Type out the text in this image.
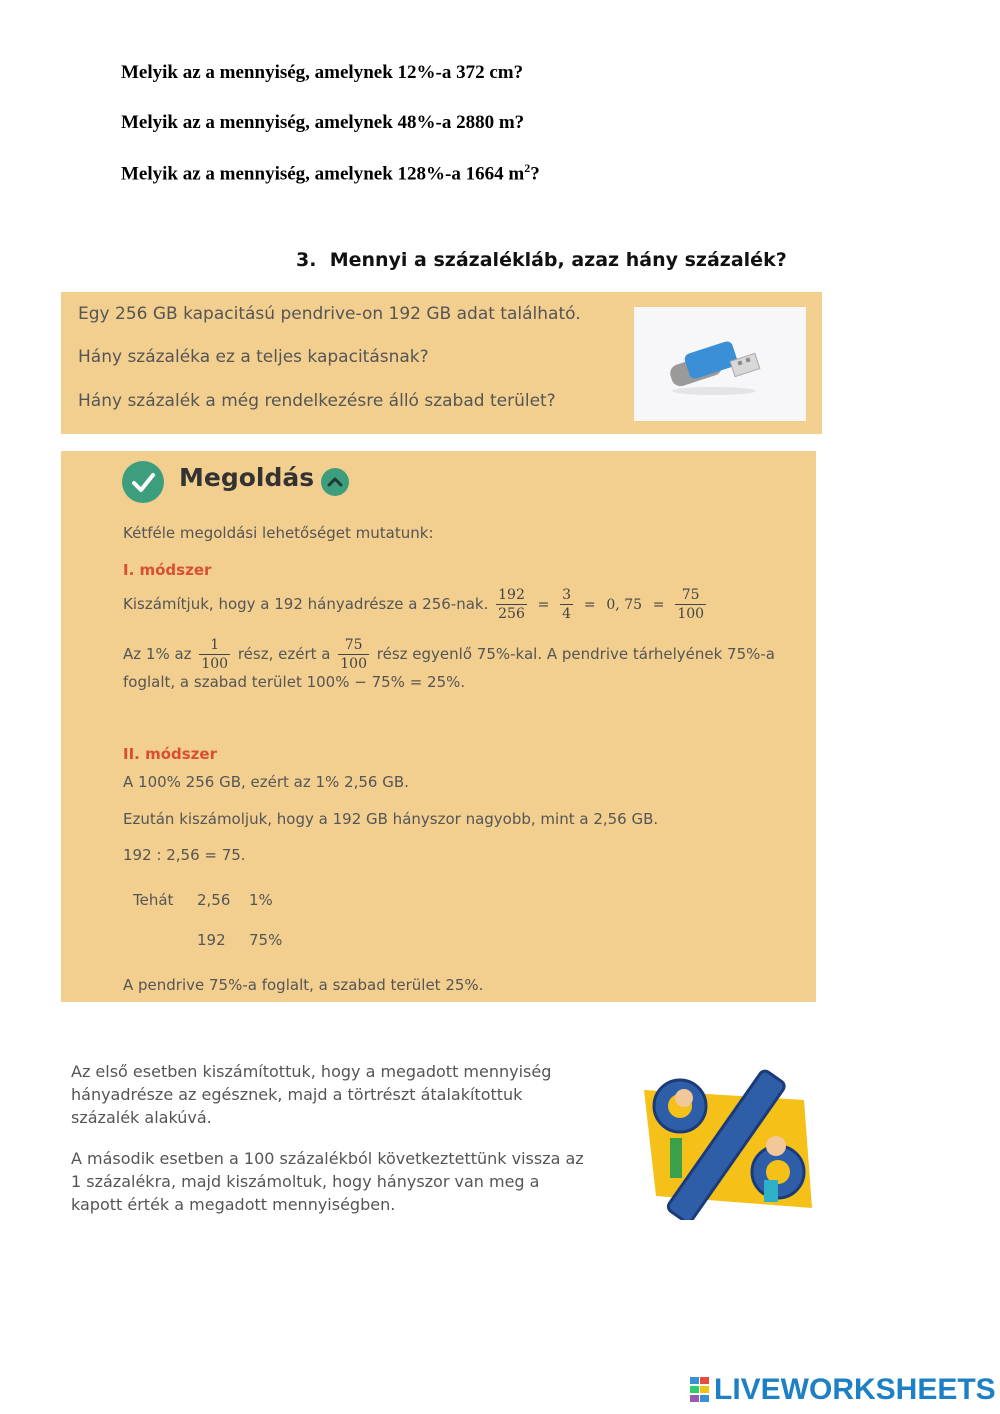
Melyik az a mennyiség, amelynek 12%-a 372 cm?
Melyik az a mennyiség, amelynek 48%-a 2880 m?
Melyik az a mennyiség, amelynek 128%-a 1664 $m^2$?
3. Mennyi a százalékláb, azaz hány százalék?

Egy 256 GB kapacitású pendrive-on 192 GB adat található.

Hány százaléka ez a teljes kapacitásnak?

Hány százalék a még rendelkezésre álló szabad terület?

Megoldás

Kétféle megoldási lehetőséget mutatunk:

I. módszer

Kiszámítjuk, hogy a 192 hányadrésze a 256-nak. $\frac{192}{256} = \frac{3}{4} = 0$, $75 = \frac{75}{100}$
Az 1% az $\frac{1}{100}$ rész, ezért a $\frac{75}{100}$ rész egyenlő 75%-kal. A pendrive tárhelyének 75%-a

foglalt, a szabad terület 100% − 75% = 25%.

II. módszer

A 100% 256 GB, ezért az 1% 2,56 GB.

Ezután kiszámoljuk, hogy a 192 GB hányszor nagyobb, mint a 2,56 GB.

192 : 2,56 = 75.

Tehát 2,56 1%
192 75%

A pendrive 75%-a foglalt, a szabad terület 25%.

Az első esetben kiszámítottuk, hogy a megadott mennyiség hányadrésze az egésznek, majd a törtrészt átalakítottuk százalék alakúvá.

A második esetben a 100 százalékból következtettünk vissza az 1 százalékra, majd kiszámoltuk, hogy hányszor van meg a kapott érték a megadott mennyiségben.

LIVEWORKSHEETS
